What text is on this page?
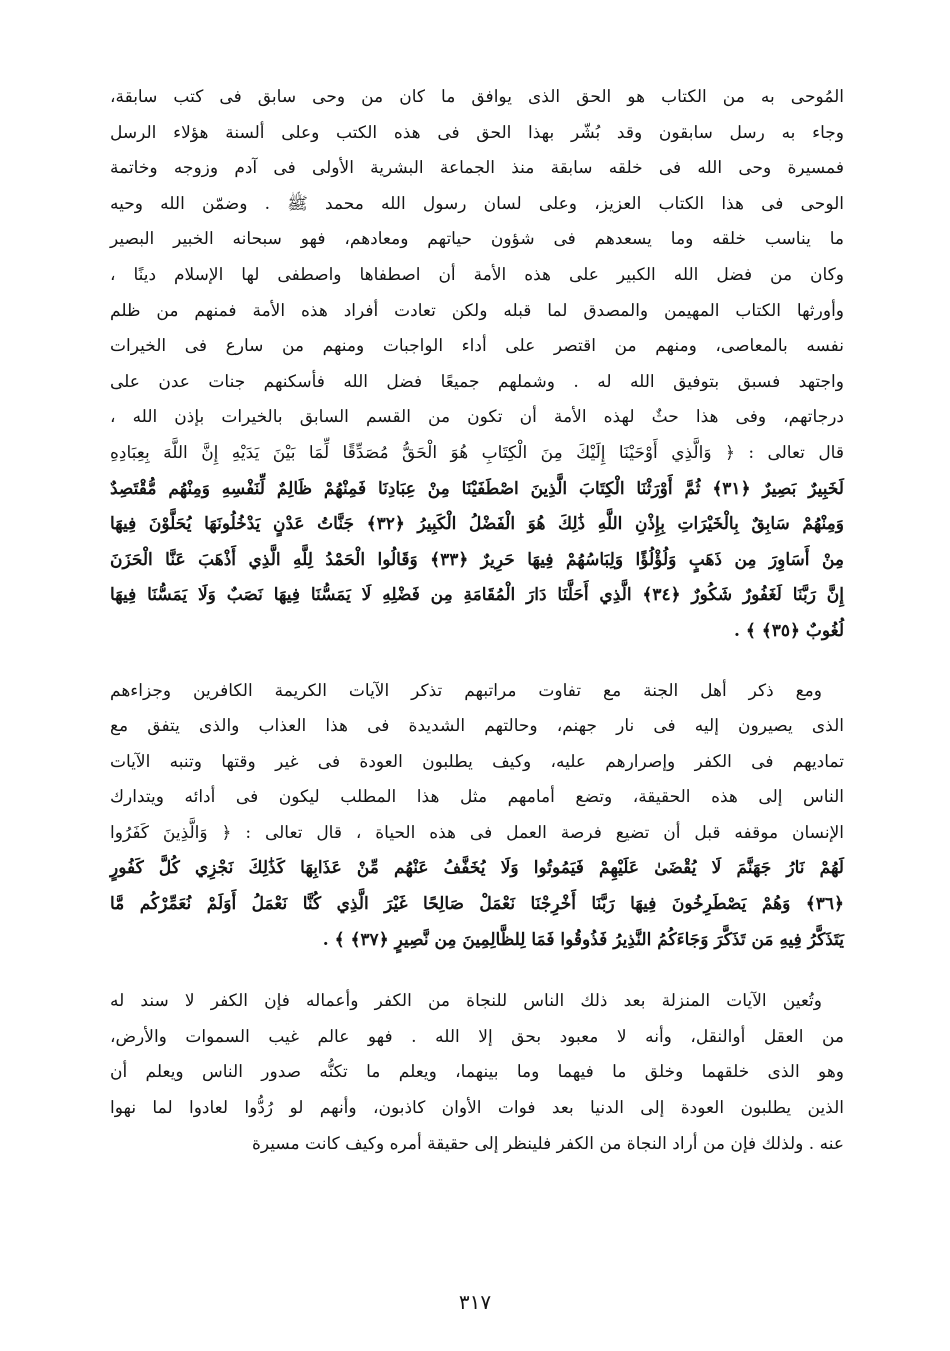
المُوحى به من الكتاب هو الحق الذى يوافق ما كان من وحى سابق فى كتب سابقة،

وجاء به رسل سابقون وقد بُشّر بهذا الحق فى هذه الكتب وعلى ألسنة هؤلاء الرسل

فمسيرة وحى الله فى خلقه سابقة منذ الجماعة البشرية الأولى فى آدم وزوجه وخاتمة

الوحى فى هذا الكتاب العزيز، وعلى لسان رسول الله محمد ﷺ . وضمّن الله وحيه

ما يناسب خلقه وما يسعدهم فى شؤون حياتهم ومعادهم، فهو سبحانه الخبير البصير

وكان من فضل الله الكبير على هذه الأمة أن اصطفاها واصطفى لها الإسلام دينًا ،

وأورثها الكتاب المهيمن والمصدق لما قبله ولكن تعادت أفراد هذه الأمة فمنهم من ظلم

نفسه بالمعاصى، ومنهم من اقتصر على أداء الواجبات ومنهم من سارع فى الخيرات

واجتهد فسبق بتوفيق الله له . وشملهم جميعًا فضل الله فأسكنهم جنات عدن على

درجاتهم، وفى هذا حثٌ لهذه الأمة أن تكون من القسم السابق بالخيرات بإذن الله ،

قال تعالى : ﴿ وَالَّذِي أَوْحَيْنَا إِلَيْكَ مِنَ الْكِتَابِ هُوَ الْحَقُّ مُصَدِّقًا لِّمَا بَيْنَ يَدَيْهِ إِنَّ اللَّهَ بِعِبَادِهِ

لَخَبِيرٌ بَصِيرٌ ﴿٣١﴾ ثُمَّ أَوْرَثْنَا الْكِتَابَ الَّذِينَ اصْطَفَيْنَا مِنْ عِبَادِنَا فَمِنْهُمْ ظَالِمٌ لِّنَفْسِهِ وَمِنْهُم مُّقْتَصِدٌ

وَمِنْهُمْ سَابِقٌ بِالْخَيْرَاتِ بِإِذْنِ اللَّهِ ذَٰلِكَ هُوَ الْفَضْلُ الْكَبِيرُ ﴿٣٢﴾ جَنَّاتُ عَدْنٍ يَدْخُلُونَهَا يُحَلَّوْنَ فِيهَا

مِنْ أَسَاوِرَ مِن ذَهَبٍ وَلُؤْلُؤًا وَلِبَاسُهُمْ فِيهَا حَرِيرٌ ﴿٣٣﴾ وَقَالُوا الْحَمْدُ لِلَّهِ الَّذِي أَذْهَبَ عَنَّا الْحَزَنَ

إِنَّ رَبَّنَا لَغَفُورٌ شَكُورٌ ﴿٣٤﴾ الَّذِي أَحَلَّنَا دَارَ الْمُقَامَةِ مِن فَضْلِهِ لَا يَمَسُّنَا فِيهَا نَصَبٌ وَلَا يَمَسُّنَا فِيهَا

لُغُوبٌ ﴿٣٥﴾ ﴾ .

ومع ذكر أهل الجنة مع تفاوت مراتبهم تذكر الآيات الكريمة الكافرين وجزاءهم

الذى يصيرون إليه فى نار جهنم، وحالتهم الشديدة فى هذا العذاب والذى يتفق مع

تماديهم فى الكفر وإصرارهم عليه، وكيف يطلبون العودة فى غير وقتها وتنبه الآيات

الناس إلى هذه الحقيقة، وتضع أمامهم مثل هذا المطلب ليكون فى أدائه ويتدارك

الإنسان موقفه قبل أن تضيع فرصة العمل فى هذه الحياة ، قال تعالى : ﴿ وَالَّذِينَ كَفَرُوا

لَهُمْ نَارُ جَهَنَّمَ لَا يُقْضَىٰ عَلَيْهِمْ فَيَمُوتُوا وَلَا يُخَفَّفُ عَنْهُم مِّنْ عَذَابِهَا كَذَٰلِكَ نَجْزِي كُلَّ كَفُورٍ

﴿٣٦﴾ وَهُمْ يَصْطَرِخُونَ فِيهَا رَبَّنَا أَخْرِجْنَا نَعْمَلْ صَالِحًا غَيْرَ الَّذِي كُنَّا نَعْمَلُ أَوَلَمْ نُعَمِّرْكُم مَّا

يَتَذَكَّرُ فِيهِ مَن تَذَكَّرَ وَجَاءَكُمُ النَّذِيرُ فَذُوقُوا فَمَا لِلظَّالِمِينَ مِن نَّصِيرٍ ﴿٣٧﴾ ﴾ .

وتُعين الآيات المنزلة بعد ذلك الناس للنجاة من الكفر وأعماله فإن الكفر لا سند له

من العقل أوالنقل، وأنه لا معبود بحق إلا الله . فهو عالم غيب السموات والأرض،

وهو الذى خلقهما وخلق ما فيهما وما بينهما، ويعلم ما تكنُّه صدور الناس ويعلم أن

الذين يطلبون العودة إلى الدنيا بعد فوات الأوان كاذبون، وأنهم لو رُدُّوا لعادوا لما نهوا

عنه . ولذلك فإن من أراد النجاة من الكفر فلينظر إلى حقيقة أمره وكيف كانت مسيرة

٣١٧
